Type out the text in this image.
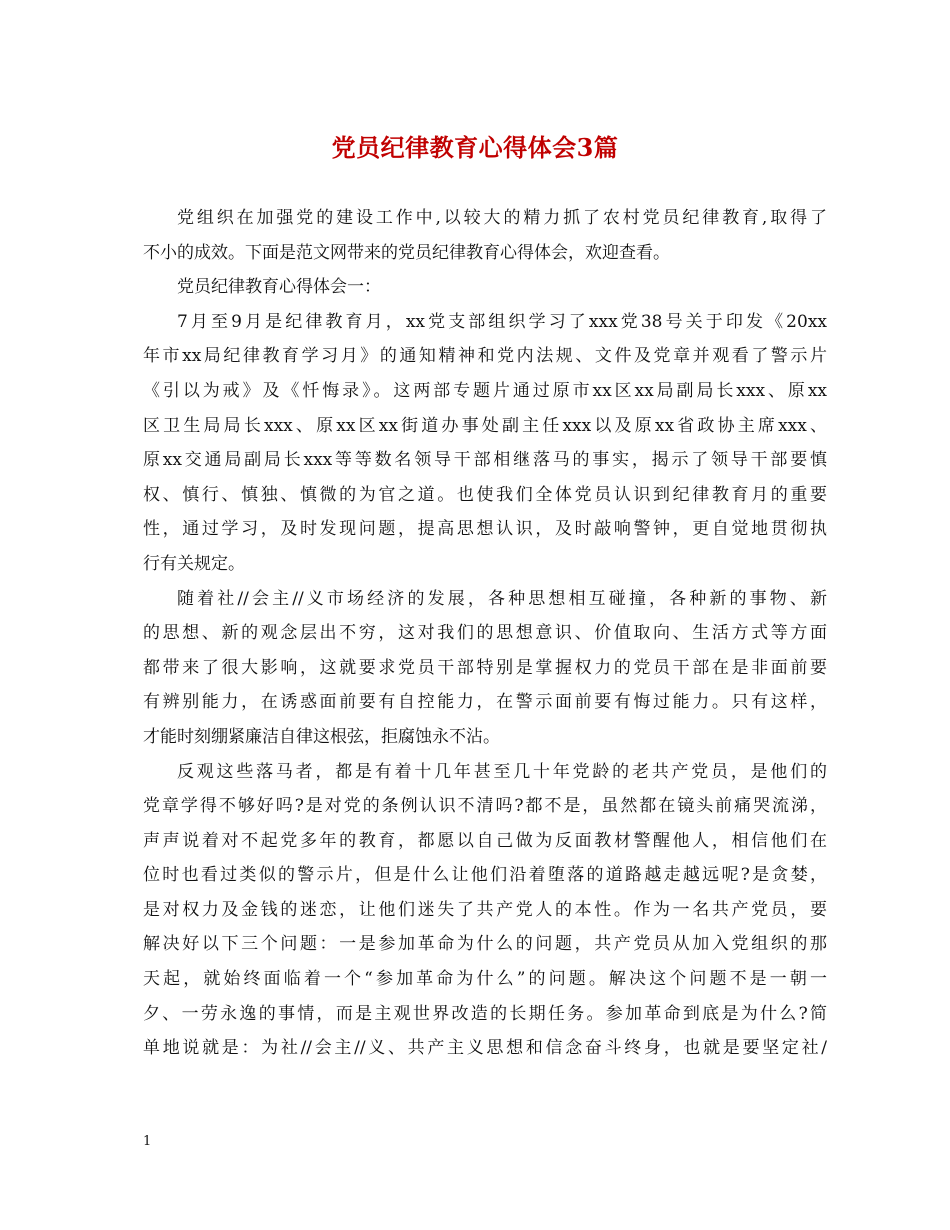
党员纪律教育心得体会3篇
党组织在加强党的建设工作中,以较大的精力抓了农村党员纪律教育,取得了
不小的成效。下面是范文网带来的党员纪律教育心得体会，欢迎查看。
党员纪律教育心得体会一：
7月至9月是纪律教育月，xx党支部组织学习了xxx党38号关于印发《20xx
年市xx局纪律教育学习月》的通知精神和党内法规、文件及党章并观看了警示片
《引以为戒》及《忏悔录》。这两部专题片通过原市xx区xx局副局长xxx、原xx
区卫生局局长xxx、原xx区xx街道办事处副主任xxx以及原xx省政协主席xxx、
原xx交通局副局长xxx等等数名领导干部相继落马的事实，揭示了领导干部要慎
权、慎行、慎独、慎微的为官之道。也使我们全体党员认识到纪律教育月的重要
性，通过学习，及时发现问题，提高思想认识，及时敲响警钟，更自觉地贯彻执
行有关规定。
随着社//会主//义市场经济的发展，各种思想相互碰撞，各种新的事物、新
的思想、新的观念层出不穷，这对我们的思想意识、价值取向、生活方式等方面
都带来了很大影响，这就要求党员干部特别是掌握权力的党员干部在是非面前要
有辨别能力，在诱惑面前要有自控能力，在警示面前要有悔过能力。只有这样，
才能时刻绷紧廉洁自律这根弦，拒腐蚀永不沾。
反观这些落马者，都是有着十几年甚至几十年党龄的老共产党员，是他们的
党章学得不够好吗?是对党的条例认识不清吗?都不是，虽然都在镜头前痛哭流涕，
声声说着对不起党多年的教育，都愿以自己做为反面教材警醒他人，相信他们在
位时也看过类似的警示片，但是什么让他们沿着堕落的道路越走越远呢?是贪婪，
是对权力及金钱的迷恋，让他们迷失了共产党人的本性。作为一名共产党员，要
解决好以下三个问题：一是参加革命为什么的问题，共产党员从加入党组织的那
天起，就始终面临着一个“参加革命为什么”的问题。解决这个问题不是一朝一
夕、一劳永逸的事情，而是主观世界改造的长期任务。参加革命到底是为什么?简
单地说就是：为社//会主//义、共产主义思想和信念奋斗终身，也就是要坚定社/
1
